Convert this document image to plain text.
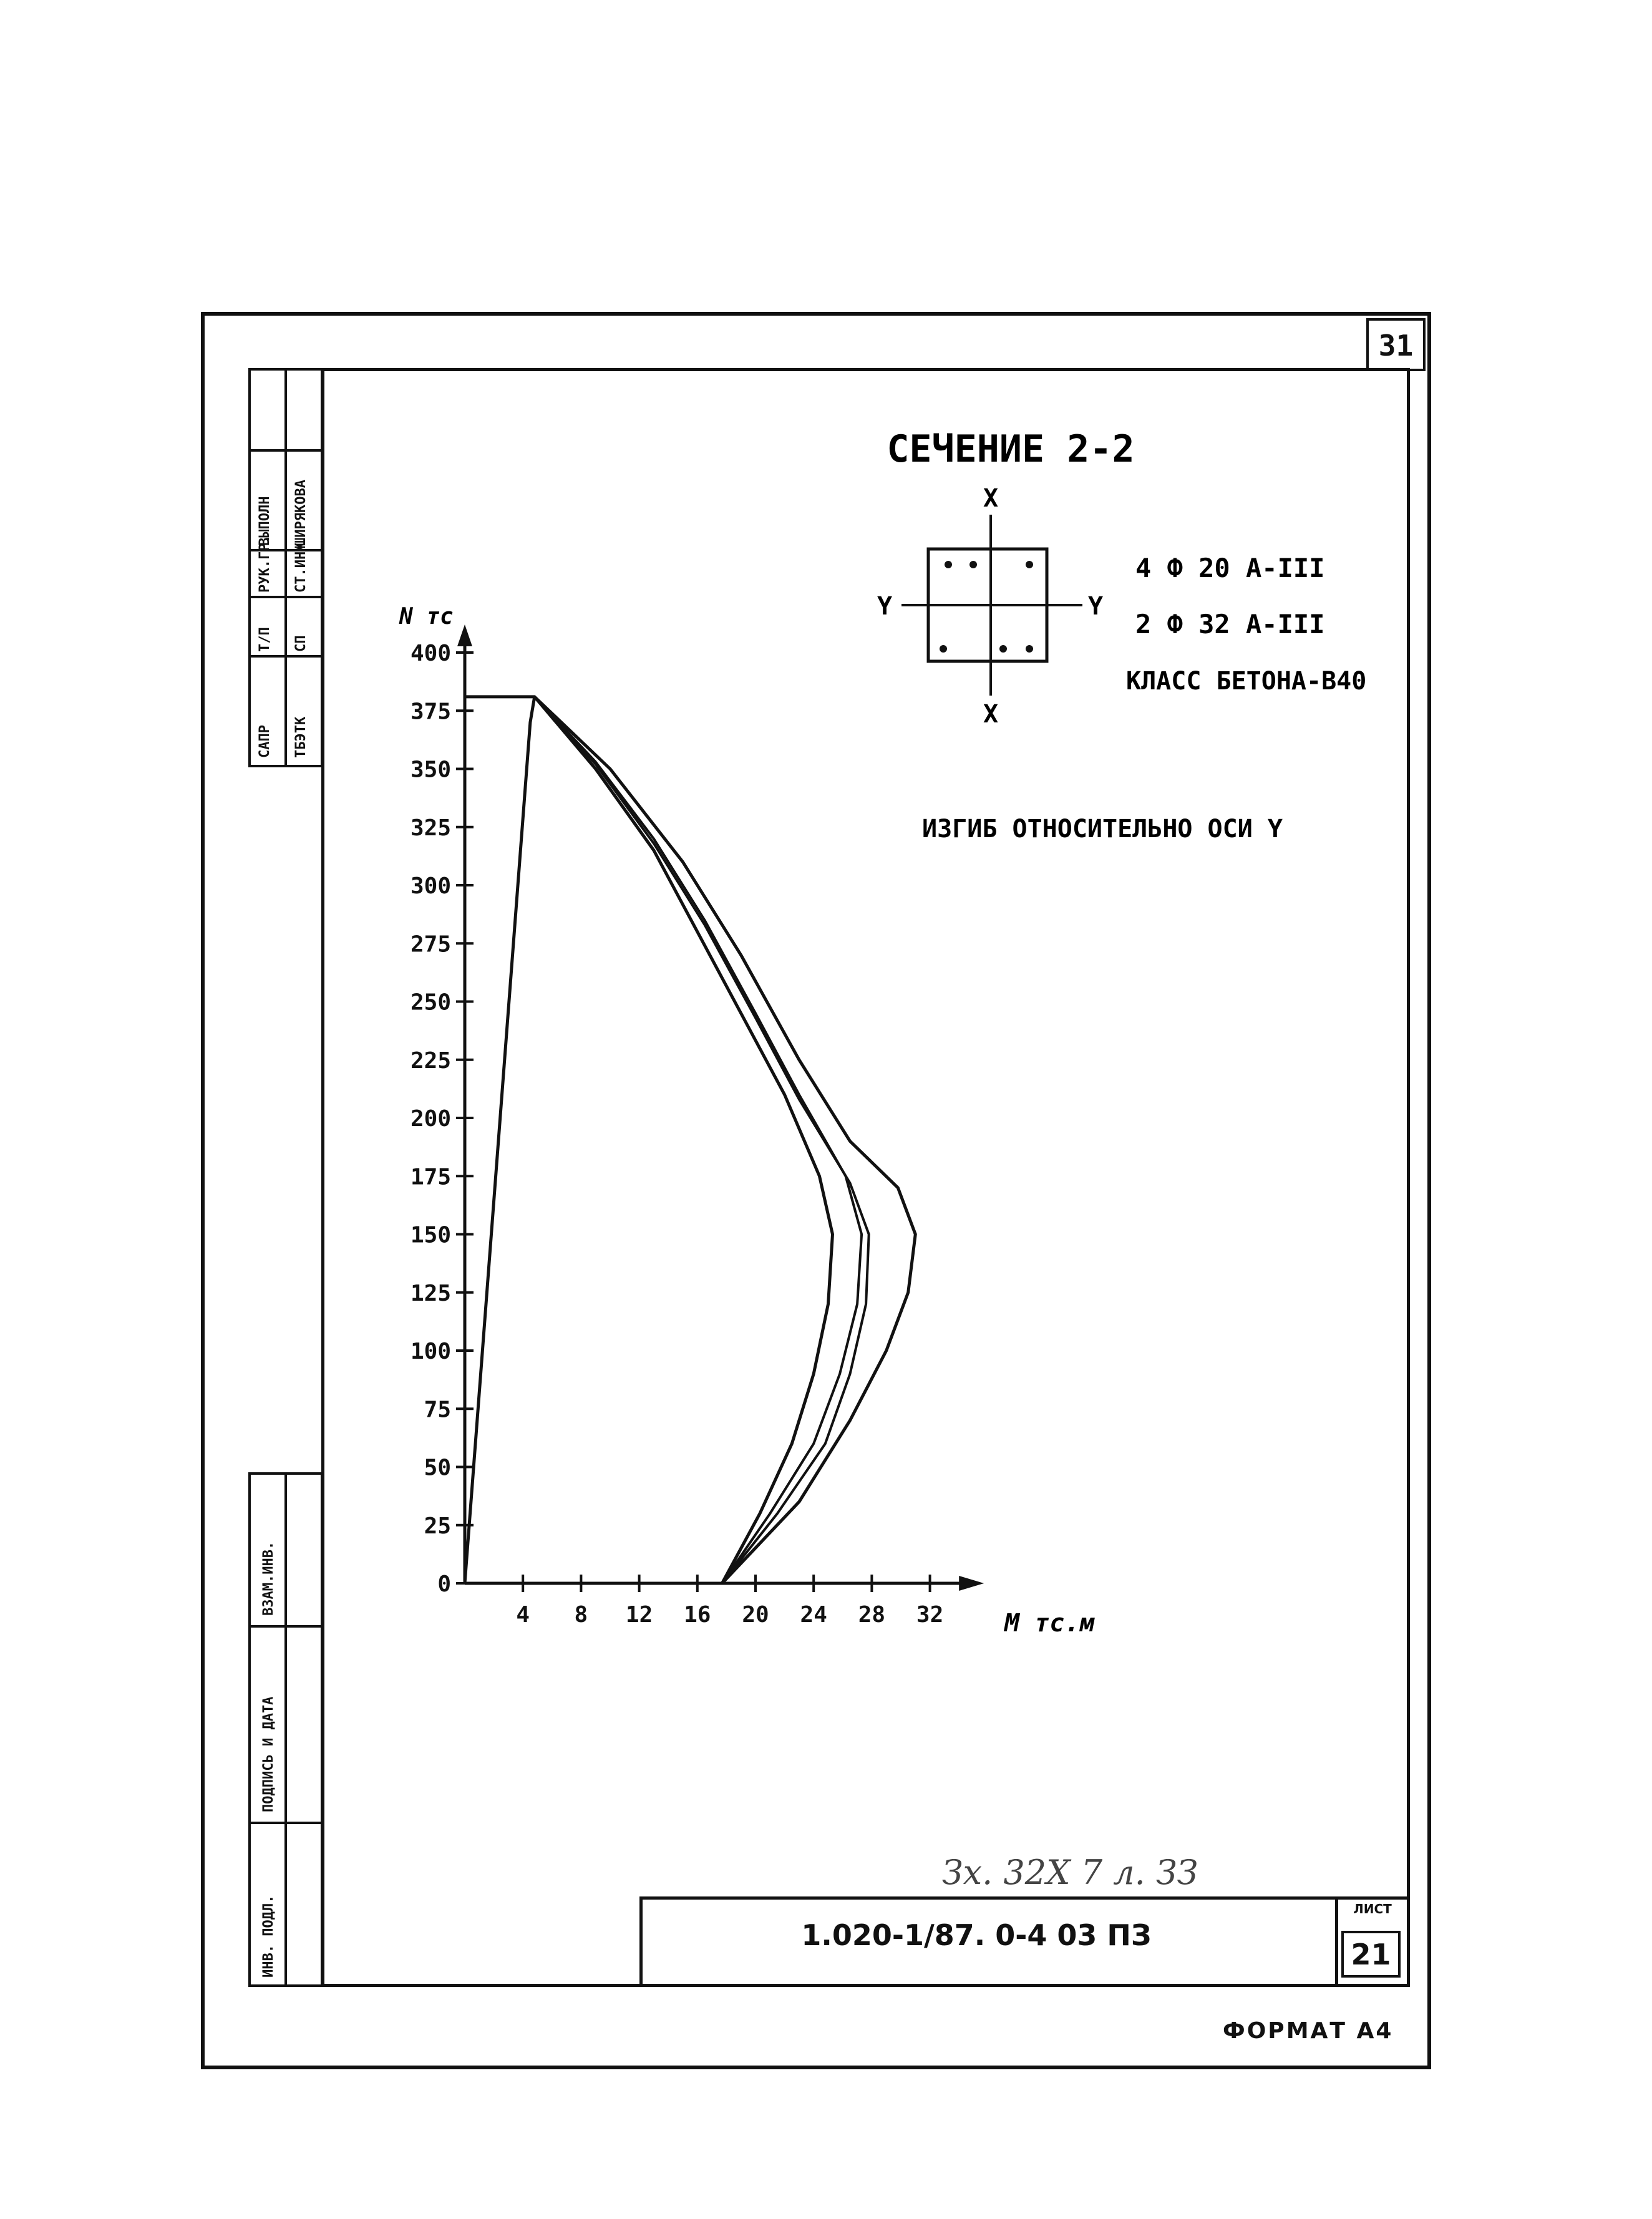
31
САПР
Т/П
РУК.ГР.
ВЫПОЛН
ТБЭТК
СП
СТ.ИНЖ
ШИРЯКОВА
ИНВ. ПОДЛ.
ПОДПИСЬ И ДАТА
ВЗАМ.ИНВ.	0
25
50
75
100
125
150
175
200
225
250
275
300
325
350
375
400
4 8 12 16 20 24 28 32
X
X
Y	Y
СЕЧЕНИЕ 2-2
4 Ф 20 А-III
2 Ф 32 А-III
КЛАСС БЕТОНА-В40
ИЗГИБ ОТНОСИТЕЛЬНО ОСИ Y
N тс
M тс.м
Зх. 32Х 7 л. ЗЗ
1.020-1/87. 0-4 03 ПЗ
ЛИСТ
21
ФОРМАТ А4
